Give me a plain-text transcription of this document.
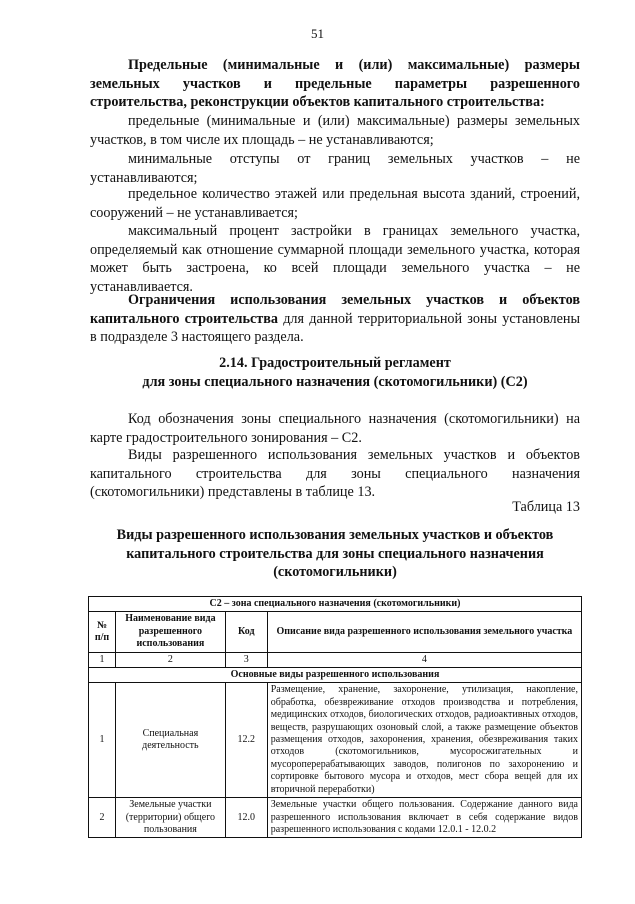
51
Предельные (минимальные и (или) максимальные) размеры земельных участков и предельные параметры разрешенного строительства, реконструкции объектов капитального строительства:
предельные (минимальные и (или) максимальные) размеры земельных участков, в том числе их площадь – не устанавливаются;
минимальные отступы от границ земельных участков – не устанавливаются;
предельное количество этажей или предельная высота зданий, строений, сооружений – не устанавливается;
максимальный процент застройки в границах земельного участка, определяемый как отношение суммарной площади земельного участка, которая может быть застроена, ко всей площади земельного участка – не устанавливается.
Ограничения использования земельных участков и объектов капитального строительства для данной территориальной зоны установлены в подразделе 3 настоящего раздела.

2.14. Градостроительный регламент

для зоны специального назначения (скотомогильники) (С2)

Код обозначения зоны специального назначения (скотомогильники) на карте градостроительного зонирования – С2.
Виды разрешенного использования земельных участков и объектов капитального строительства для зоны специального назначения (скотомогильники) представлены в таблице 13.
Таблица 13

Виды разрешенного использования земельных участков и объектов

капитального строительства для зоны специального назначения

(скотомогильники)

С2 – зона специального назначения (скотомогильники)			
№ п/п	Наименование вида разрешенного использования	Код	Описание вида разрешенного использования земельного участка
1	2	3	4
Основные виды разрешенного использования			
1	Специальная деятельность	12.2	Размещение, хранение, захоронение, утилизация, накопление, обработка, обезвреживание отходов производства и потребления, медицинских отходов, биологических отходов, радиоактивных отходов, веществ, разрушающих озоновый слой, а также размещение объектов размещения отходов, захоронения, хранения, обезвреживания таких отходов (скотомогильников, мусоросжигательных и мусороперерабатывающих заводов, полигонов по захоронению и сортировке бытового мусора и отходов, мест сбора вещей для их вторичной переработки)
2	Земельные участки (территории) общего пользования	12.0	Земельные участки общего пользования. Содержание данного вида разрешенного использования включает в себя содержание видов разрешенного использования с кодами 12.0.1 - 12.0.2
